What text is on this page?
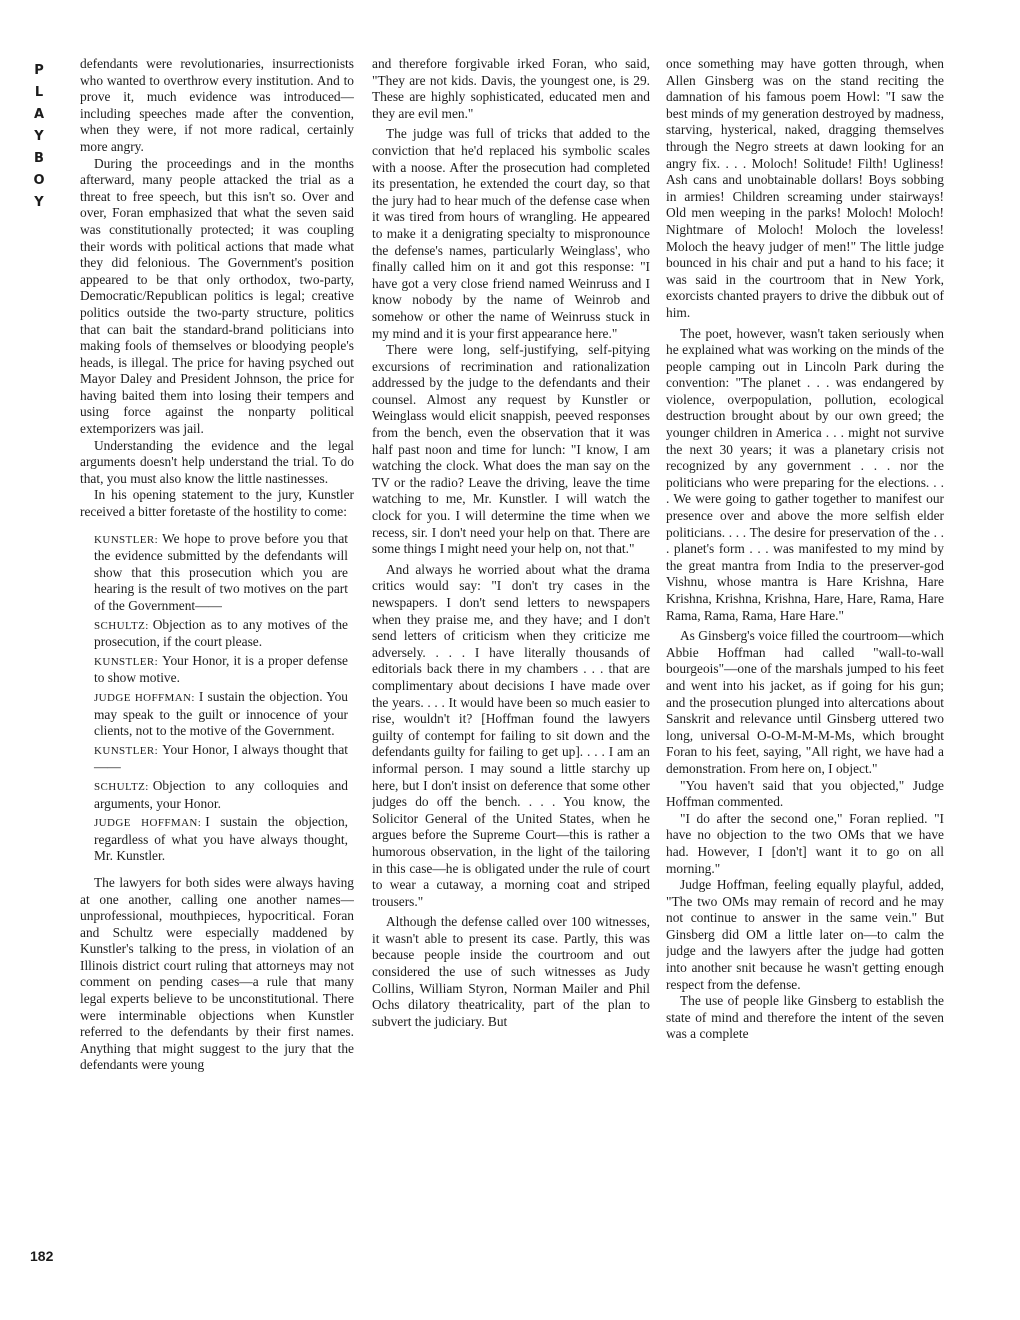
P
L
A
Y
B
O
Y

defendants were revolutionaries, insurrectionists who wanted to overthrow every institution. And to prove it, much evidence was introduced—including speeches made after the convention, when they were, if not more radical, certainly more angry.

During the proceedings and in the months afterward, many people attacked the trial as a threat to free speech, but this isn't so. Over and over, Foran emphasized that what the seven said was constitutionally protected; it was coupling their words with political actions that made what they did felonious. The Government's position appeared to be that only orthodox, two-party, Democratic/Republican politics is legal; creative politics outside the two-party structure, politics that can bait the standard-brand politicians into making fools of themselves or bloodying people's heads, is illegal. The price for having psyched out Mayor Daley and President Johnson, the price for having baited them into losing their tempers and using force against the nonparty political extemporizers was jail.

Understanding the evidence and the legal arguments doesn't help understand the trial. To do that, you must also know the little nastinesses.

In his opening statement to the jury, Kunstler received a bitter foretaste of the hostility to come:

KUNSTLER: We hope to prove before you that the evidence submitted by the defendants will show that this prosecution which you are hearing is the result of two motives on the part of the Government——

SCHULTZ: Objection as to any motives of the prosecution, if the court please.

KUNSTLER: Your Honor, it is a proper defense to show motive.

JUDGE HOFFMAN: I sustain the objection. You may speak to the guilt or innocence of your clients, not to the motive of the Government.

KUNSTLER: Your Honor, I always thought that——

SCHULTZ: Objection to any colloquies and arguments, your Honor.

JUDGE HOFFMAN: I sustain the objection, regardless of what you have always thought, Mr. Kunstler.

The lawyers for both sides were always having at one another, calling one another names—unprofessional, mouthpieces, hypocritical. Foran and Schultz were especially maddened by Kunstler's talking to the press, in violation of an Illinois district court ruling that attorneys may not comment on pending cases—a rule that many legal experts believe to be unconstitutional. There were interminable objections when Kunstler referred to the defendants by their first names. Anything that might suggest to the jury that the defendants were young

and therefore forgivable irked Foran, who said, "They are not kids. Davis, the youngest one, is 29. These are highly sophisticated, educated men and they are evil men."

The judge was full of tricks that added to the conviction that he'd replaced his symbolic scales with a noose. After the prosecution had completed its presentation, he extended the court day, so that the jury had to hear much of the defense case when it was tired from hours of wrangling. He appeared to make it a denigrating specialty to mispronounce the defense's names, particularly Weinglass', who finally called him on it and got this response: "I have got a very close friend named Weinruss and I know nobody by the name of Weinrob and somehow or other the name of Weinruss stuck in my mind and it is your first appearance here."

There were long, self-justifying, self-pitying excursions of recrimination and rationalization addressed by the judge to the defendants and their counsel. Almost any request by Kunstler or Weinglass would elicit snappish, peeved responses from the bench, even the observation that it was half past noon and time for lunch: "I know, I am watching the clock. What does the man say on the TV or the radio? Leave the driving, leave the time watching to me, Mr. Kunstler. I will watch the clock for you. I will determine the time when we recess, sir. I don't need your help on that. There are some things I might need your help on, not that."

And always he worried about what the drama critics would say: "I don't try cases in the newspapers. I don't send letters to newspapers when they praise me, and they have; and I don't send letters of criticism when they criticize me adversely. . . . I have literally thousands of editorials back there in my chambers . . . that are complimentary about decisions I have made over the years. . . . It would have been so much easier to rise, wouldn't it? [Hoffman found the lawyers guilty of contempt for failing to sit down and the defendants guilty for failing to get up]. . . . I am an informal person. I may sound a little starchy up here, but I don't insist on deference that some other judges do off the bench. . . . You know, the Solicitor General of the United States, when he argues before the Supreme Court—this is rather a humorous observation, in the light of the tailoring in this case—he is obligated under the rule of court to wear a cutaway, a morning coat and striped trousers."

Although the defense called over 100 witnesses, it wasn't able to present its case. Partly, this was because people inside the courtroom and out considered the use of such witnesses as Judy Collins, William Styron, Norman Mailer and Phil Ochs dilatory theatricality, part of the plan to subvert the judiciary. But

once something may have gotten through, when Allen Ginsberg was on the stand reciting the damnation of his famous poem Howl: "I saw the best minds of my generation destroyed by madness, starving, hysterical, naked, dragging themselves through the Negro streets at dawn looking for an angry fix. . . . Moloch! Solitude! Filth! Ugliness! Ash cans and unobtainable dollars! Boys sobbing in armies! Children screaming under stairways! Old men weeping in the parks! Moloch! Moloch! Nightmare of Moloch! Moloch the loveless! Moloch the heavy judger of men!" The little judge bounced in his chair and put a hand to his face; it was said in the courtroom that in New York, exorcists chanted prayers to drive the dibbuk out of him.

The poet, however, wasn't taken seriously when he explained what was working on the minds of the people camping out in Lincoln Park during the convention: "The planet . . . was endangered by violence, overpopulation, pollution, ecological destruction brought about by our own greed; the younger children in America . . . might not survive the next 30 years; it was a planetary crisis not recognized by any government . . . nor the politicians who were preparing for the elections. . . . We were going to gather together to manifest our presence over and above the more selfish elder politicians. . . . The desire for preservation of the . . . planet's form . . . was manifested to my mind by the great mantra from India to the preserver-god Vishnu, whose mantra is Hare Krishna, Hare Krishna, Krishna, Krishna, Hare, Hare, Rama, Hare Rama, Rama, Rama, Hare Hare."

As Ginsberg's voice filled the courtroom—which Abbie Hoffman had called "wall-to-wall bourgeois"—one of the marshals jumped to his feet and went into his jacket, as if going for his gun; and the prosecution plunged into altercations about Sanskrit and relevance until Ginsberg uttered two long, universal O-O-M-M-M-Ms, which brought Foran to his feet, saying, "All right, we have had a demonstration. From here on, I object."

"You haven't said that you objected," Judge Hoffman commented.

"I do after the second one," Foran replied. "I have no objection to the two OMs that we have had. However, I [don't] want it to go on all morning."

Judge Hoffman, feeling equally playful, added, "The two OMs may remain of record and he may not continue to answer in the same vein." But Ginsberg did OM a little later on—to calm the judge and the lawyers after the judge had gotten into another snit because he wasn't getting enough respect from the defense.

The use of people like Ginsberg to establish the state of mind and therefore the intent of the seven was a complete

182
